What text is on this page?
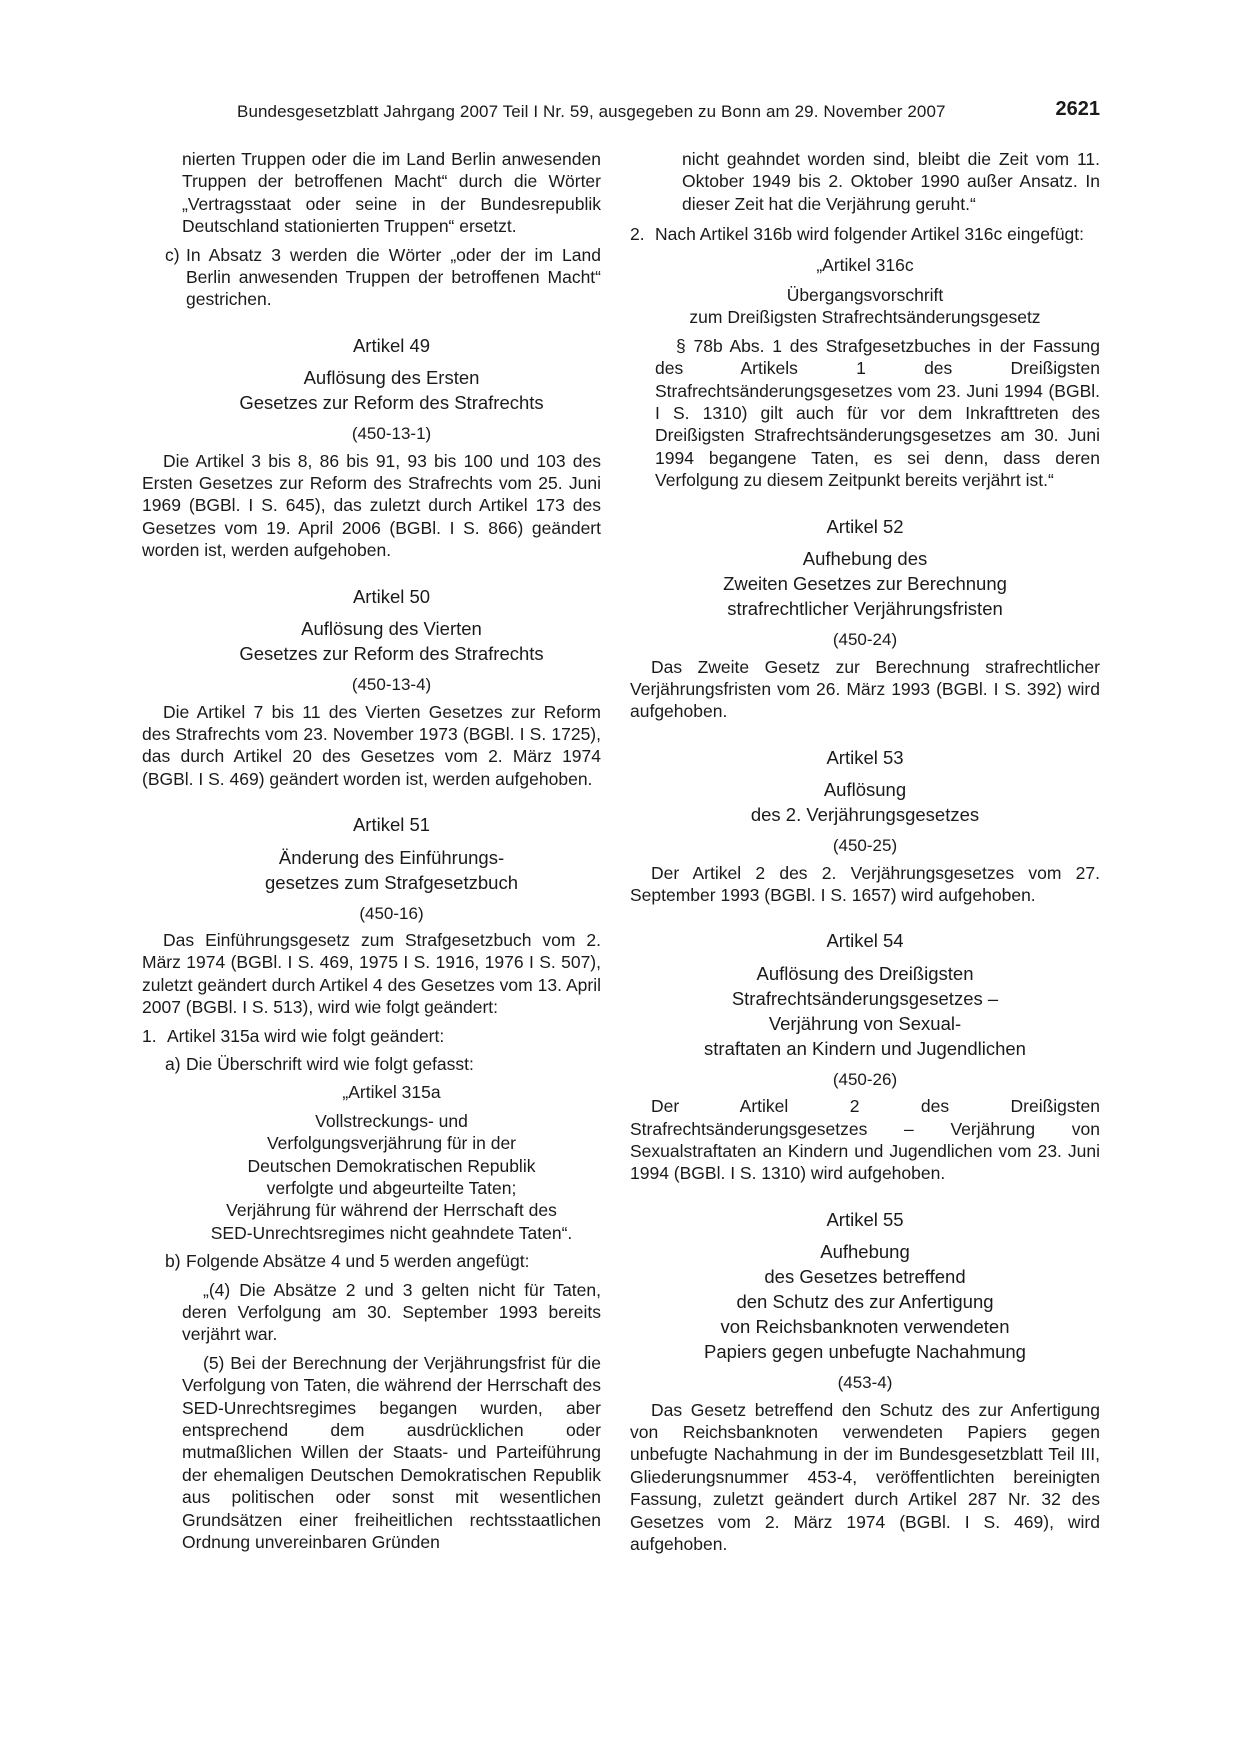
Bundesgesetzblatt Jahrgang 2007 Teil I Nr. 59, ausgegeben zu Bonn am 29. November 2007	2621

nierten Truppen oder die im Land Berlin anwesenden Truppen der betroffenen Macht“ durch die Wörter „Vertragsstaat oder seine in der Bundesrepublik Deutschland stationierten Truppen“ ersetzt.

c) In Absatz 3 werden die Wörter „oder der im Land Berlin anwesenden Truppen der betroffenen Macht“ gestrichen.

Artikel 49
Auflösung des Ersten
Gesetzes zur Reform des Strafrechts
(450-13-1)

Die Artikel 3 bis 8, 86 bis 91, 93 bis 100 und 103 des Ersten Gesetzes zur Reform des Strafrechts vom 25. Juni 1969 (BGBl. I S. 645), das zuletzt durch Artikel 173 des Gesetzes vom 19. April 2006 (BGBl. I S. 866) geändert worden ist, werden aufgehoben.

Artikel 50
Auflösung des Vierten
Gesetzes zur Reform des Strafrechts
(450-13-4)

Die Artikel 7 bis 11 des Vierten Gesetzes zur Reform des Strafrechts vom 23. November 1973 (BGBl. I S. 1725), das durch Artikel 20 des Gesetzes vom 2. März 1974 (BGBl. I S. 469) geändert worden ist, werden aufgehoben.

Artikel 51
Änderung des Einführungs-
gesetzes zum Strafgesetzbuch
(450-16)

Das Einführungsgesetz zum Strafgesetzbuch vom 2. März 1974 (BGBl. I S. 469, 1975 I S. 1916, 1976 I S. 507), zuletzt geändert durch Artikel 4 des Gesetzes vom 13. April 2007 (BGBl. I S. 513), wird wie folgt geändert:

1. Artikel 315a wird wie folgt geändert:

a) Die Überschrift wird wie folgt gefasst:

„Artikel 315a
Vollstreckungs- und
Verfolgungsverjährung für in der
Deutschen Demokratischen Republik
verfolgte und abgeurteilte Taten;
Verjährung für während der Herrschaft des
SED-Unrechtsregimes nicht geahndete Taten“.
b) Folgende Absätze 4 und 5 werden angefügt:

„(4) Die Absätze 2 und 3 gelten nicht für Taten, deren Verfolgung am 30. September 1993 bereits verjährt war.

(5) Bei der Berechnung der Verjährungsfrist für die Verfolgung von Taten, die während der Herrschaft des SED-Unrechtsregimes begangen wurden, aber entsprechend dem ausdrücklichen oder mutmaßlichen Willen der Staats- und Parteiführung der ehemaligen Deutschen Demokratischen Republik aus politischen oder sonst mit wesentlichen Grundsätzen einer freiheitlichen rechtsstaatlichen Ordnung unvereinbaren Gründen

nicht geahndet worden sind, bleibt die Zeit vom 11. Oktober 1949 bis 2. Oktober 1990 außer Ansatz. In dieser Zeit hat die Verjährung geruht.“

2. Nach Artikel 316b wird folgender Artikel 316c eingefügt:

„Artikel 316c
Übergangsvorschrift
zum Dreißigsten Strafrechtsänderungsgesetz

§ 78b Abs. 1 des Strafgesetzbuches in der Fassung des Artikels 1 des Dreißigsten Strafrechtsänderungsgesetzes vom 23. Juni 1994 (BGBl. I S. 1310) gilt auch für vor dem Inkrafttreten des Dreißigsten Strafrechtsänderungsgesetzes am 30. Juni 1994 begangene Taten, es sei denn, dass deren Verfolgung zu diesem Zeitpunkt bereits verjährt ist.“

Artikel 52
Aufhebung des
Zweiten Gesetzes zur Berechnung
strafrechtlicher Verjährungsfristen
(450-24)

Das Zweite Gesetz zur Berechnung strafrechtlicher Verjährungsfristen vom 26. März 1993 (BGBl. I S. 392) wird aufgehoben.

Artikel 53
Auflösung
des 2. Verjährungsgesetzes
(450-25)

Der Artikel 2 des 2. Verjährungsgesetzes vom 27. September 1993 (BGBl. I S. 1657) wird aufgehoben.

Artikel 54
Auflösung des Dreißigsten
Strafrechtsänderungsgesetzes –
Verjährung von Sexual-
straftaten an Kindern und Jugendlichen
(450-26)

Der Artikel 2 des Dreißigsten Strafrechtsänderungsgesetzes – Verjährung von Sexualstraftaten an Kindern und Jugendlichen vom 23. Juni 1994 (BGBl. I S. 1310) wird aufgehoben.

Artikel 55
Aufhebung
des Gesetzes betreffend
den Schutz des zur Anfertigung
von Reichsbanknoten verwendeten
Papiers gegen unbefugte Nachahmung
(453-4)

Das Gesetz betreffend den Schutz des zur Anfertigung von Reichsbanknoten verwendeten Papiers gegen unbefugte Nachahmung in der im Bundesgesetzblatt Teil III, Gliederungsnummer 453-4, veröffentlichten bereinigten Fassung, zuletzt geändert durch Artikel 287 Nr. 32 des Gesetzes vom 2. März 1974 (BGBl. I S. 469), wird aufgehoben.
